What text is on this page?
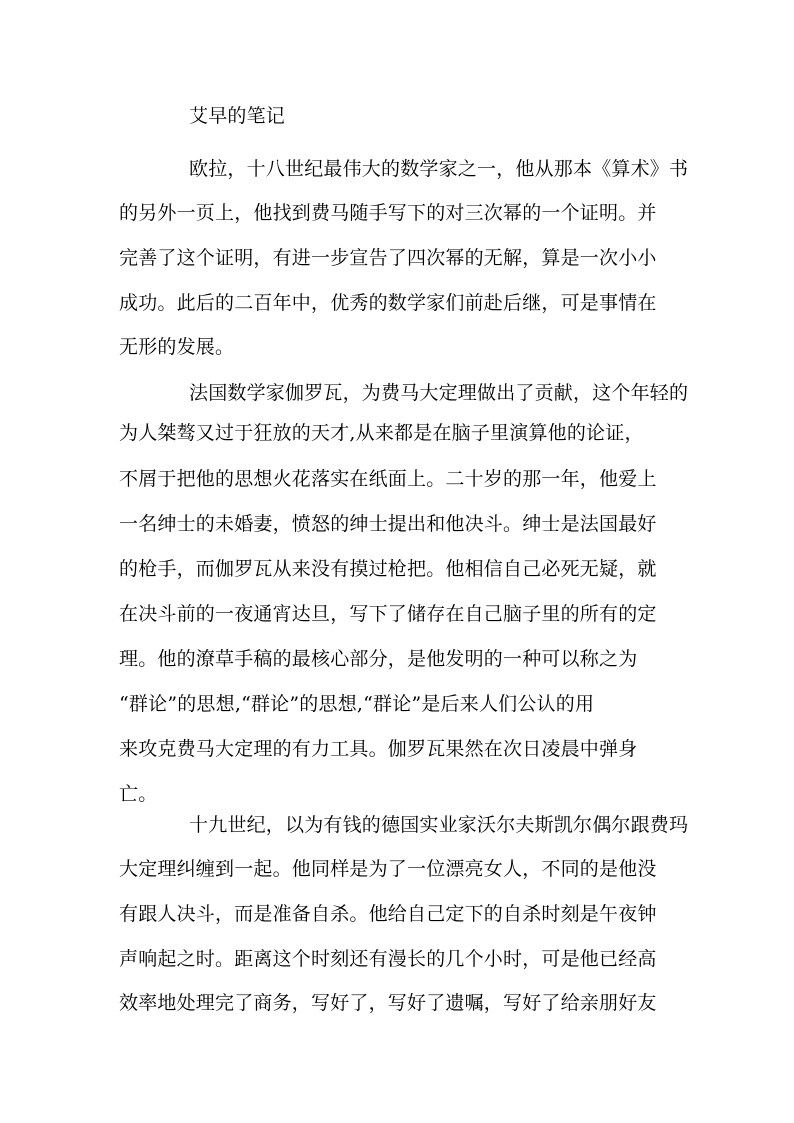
艾早的笔记
欧拉，十八世纪最伟大的数学家之一，他从那本《算术》书
的另外一页上，他找到费马随手写下的对三次幂的一个证明。并
完善了这个证明，有进一步宣告了四次幂的无解，算是一次小小
成功。此后的二百年中，优秀的数学家们前赴后继，可是事情在
无形的发展。
法国数学家伽罗瓦，为费马大定理做出了贡献，这个年轻的
为人桀骜又过于狂放的天才,从来都是在脑子里演算他的论证，
不屑于把他的思想火花落实在纸面上。二十岁的那一年，他爱上
一名绅士的未婚妻，愤怒的绅士提出和他决斗。绅士是法国最好
的枪手，而伽罗瓦从来没有摸过枪把。他相信自己必死无疑，就
在决斗前的一夜通宵达旦，写下了储存在自己脑子里的所有的定
理。他的潦草手稿的最核心部分，是他发明的一种可以称之为
“群论”的思想,“群论”的思想,“群论”是后来人们公认的用
来攻克费马大定理的有力工具。伽罗瓦果然在次日凌晨中弹身
亡。
十九世纪，以为有钱的德国实业家沃尔夫斯凯尔偶尔跟费玛
大定理纠缠到一起。他同样是为了一位漂亮女人，不同的是他没
有跟人决斗，而是准备自杀。他给自己定下的自杀时刻是午夜钟
声响起之时。距离这个时刻还有漫长的几个小时，可是他已经高
效率地处理完了商务，写好了，写好了遗嘱，写好了给亲朋好友
